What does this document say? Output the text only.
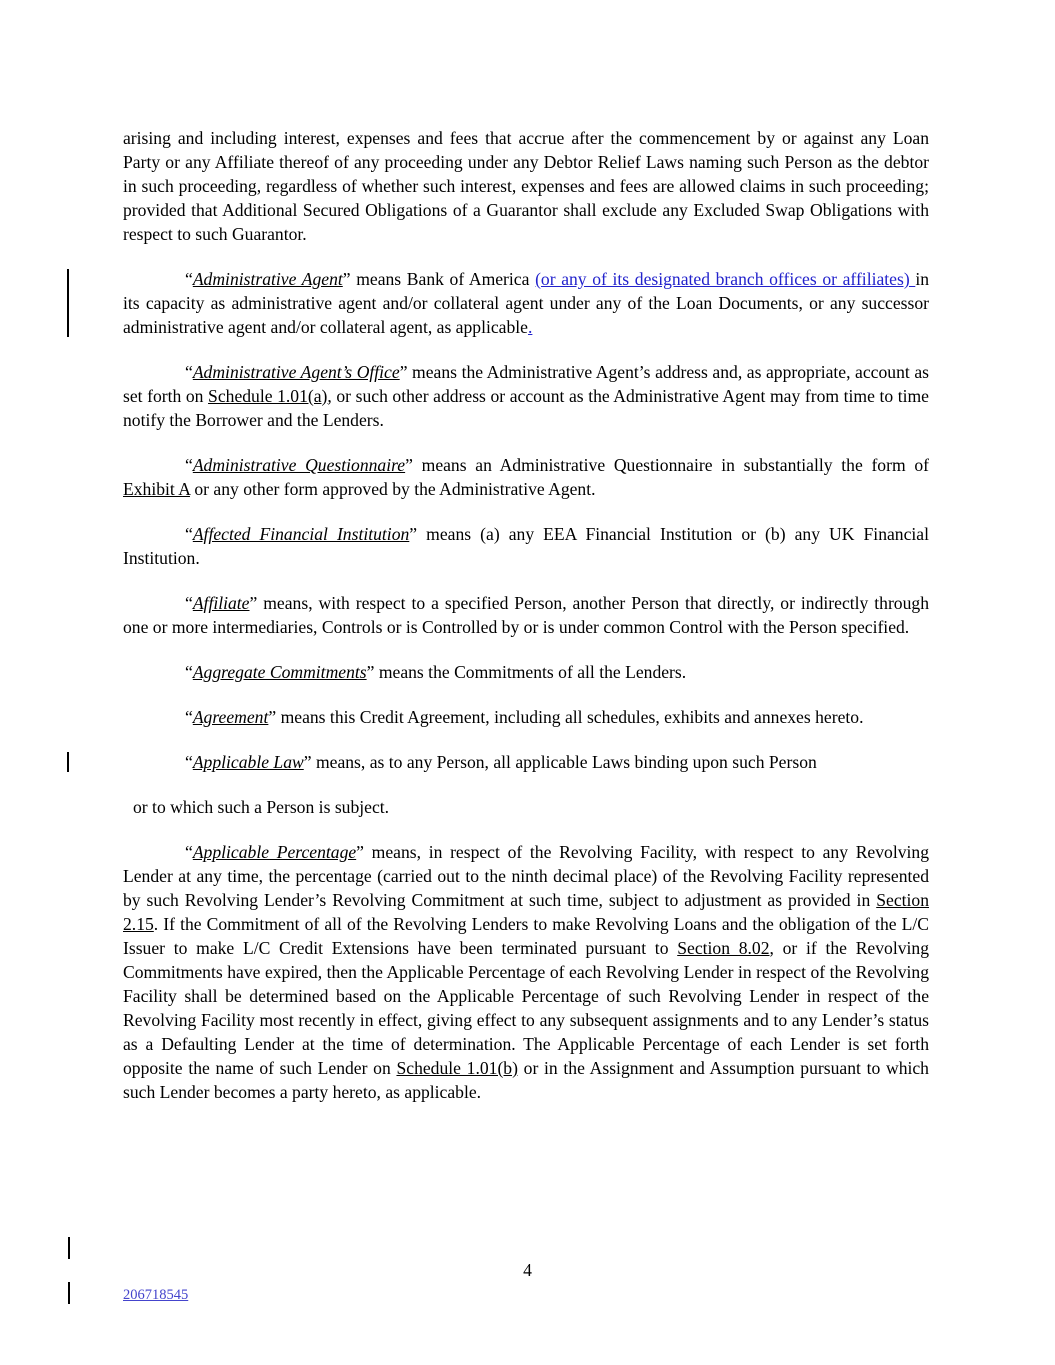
arising and including interest, expenses and fees that accrue after the commencement by or against any Loan Party or any Affiliate thereof of any proceeding under any Debtor Relief Laws naming such Person as the debtor in such proceeding, regardless of whether such interest, expenses and fees are allowed claims in such proceeding; provided that Additional Secured Obligations of a Guarantor shall exclude any Excluded Swap Obligations with respect to such Guarantor.

“Administrative Agent” means Bank of America (or any of its designated branch offices or affiliates) in its capacity as administrative agent and/or collateral agent under any of the Loan Documents, or any successor administrative agent and/or collateral agent, as applicable.

“Administrative Agent’s Office” means the Administrative Agent’s address and, as appropriate, account as set forth on Schedule 1.01(a), or such other address or account as the Administrative Agent may from time to time notify the Borrower and the Lenders.

“Administrative Questionnaire” means an Administrative Questionnaire in substantially the form of Exhibit A or any other form approved by the Administrative Agent.

“Affected Financial Institution” means (a) any EEA Financial Institution or (b) any UK Financial Institution.

“Affiliate” means, with respect to a specified Person, another Person that directly, or indirectly through one or more intermediaries, Controls or is Controlled by or is under common Control with the Person specified.

“Aggregate Commitments” means the Commitments of all the Lenders.

“Agreement” means this Credit Agreement, including all schedules, exhibits and annexes hereto.

“Applicable Law” means, as to any Person, all applicable Laws binding upon such Person

or to which such a Person is subject.

“Applicable Percentage” means, in respect of the Revolving Facility, with respect to any Revolving Lender at any time, the percentage (carried out to the ninth decimal place) of the Revolving Facility represented by such Revolving Lender’s Revolving Commitment at such time, subject to adjustment as provided in Section 2.15. If the Commitment of all of the Revolving Lenders to make Revolving Loans and the obligation of the L/C Issuer to make L/C Credit Extensions have been terminated pursuant to Section 8.02, or if the Revolving Commitments have expired, then the Applicable Percentage of each Revolving Lender in respect of the Revolving Facility shall be determined based on the Applicable Percentage of such Revolving Lender in respect of the Revolving Facility most recently in effect, giving effect to any subsequent assignments and to any Lender’s status as a Defaulting Lender at the time of determination. The Applicable Percentage of each Lender is set forth opposite the name of such Lender on Schedule 1.01(b) or in the Assignment and Assumption pursuant to which such Lender becomes a party hereto, as applicable.

4
206718545
